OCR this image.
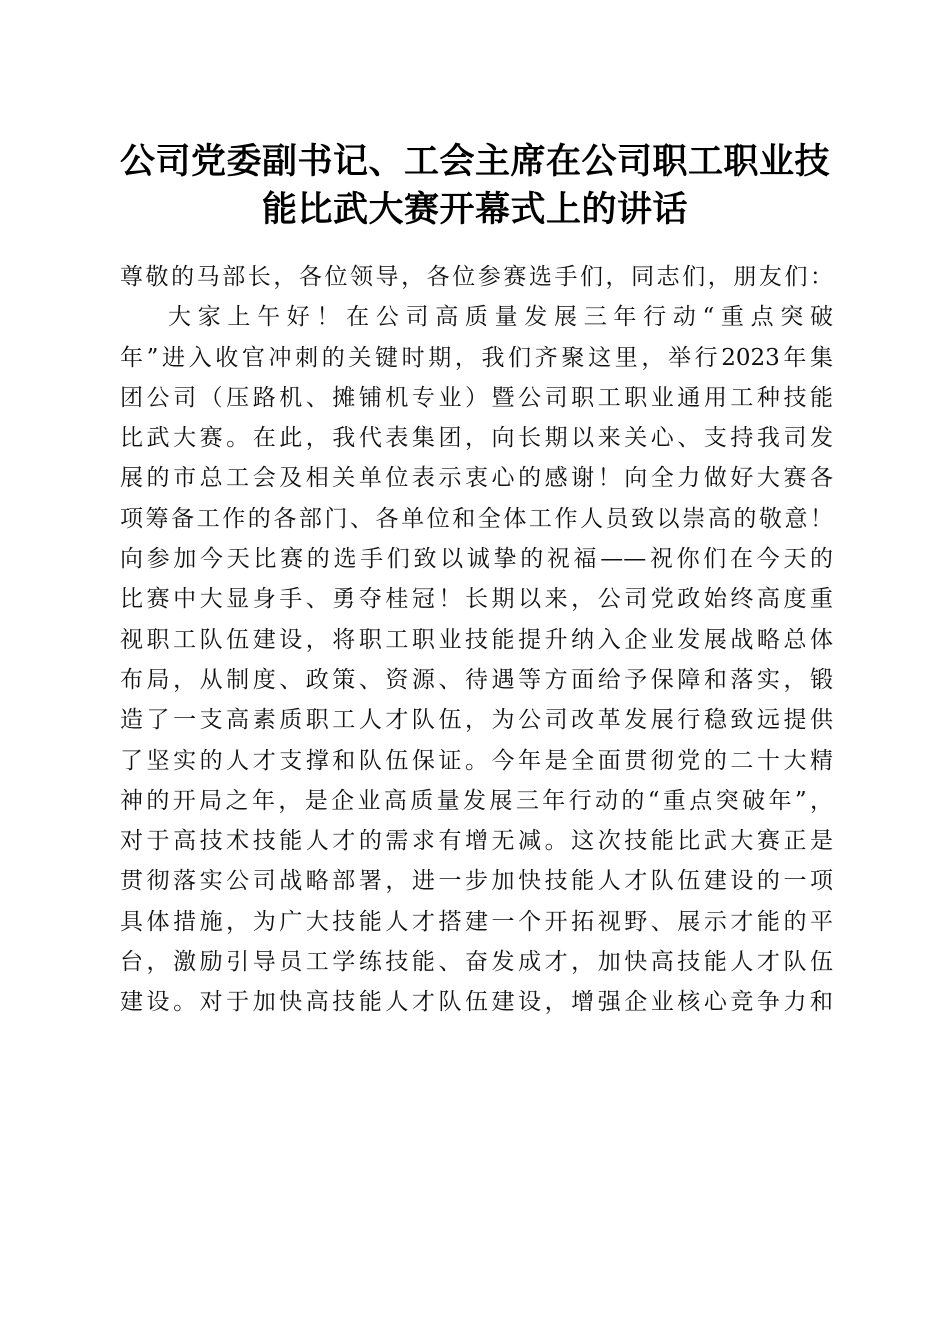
公司党委副书记、工会主席在公司职工职业技
能比武大赛开幕式上的讲话
尊敬的马部长，各位领导，各位参赛选手们，同志们，朋友们：
大家上午好！在公司高质量发展三年行动“重点突破
年”进入收官冲刺的关键时期，我们齐聚这里，举行2023年集
团公司（压路机、摊铺机专业）暨公司职工职业通用工种技能
比武大赛。在此，我代表集团，向长期以来关心、支持我司发
展的市总工会及相关单位表示衷心的感谢！向全力做好大赛各
项筹备工作的各部门、各单位和全体工作人员致以崇高的敬意！
向参加今天比赛的选手们致以诚挚的祝福——祝你们在今天的
比赛中大显身手、勇夺桂冠！长期以来，公司党政始终高度重
视职工队伍建设，将职工职业技能提升纳入企业发展战略总体
布局，从制度、政策、资源、待遇等方面给予保障和落实，锻
造了一支高素质职工人才队伍，为公司改革发展行稳致远提供
了坚实的人才支撑和队伍保证。今年是全面贯彻党的二十大精
神的开局之年，是企业高质量发展三年行动的“重点突破年”，
对于高技术技能人才的需求有增无减。这次技能比武大赛正是
贯彻落实公司战略部署，进一步加快技能人才队伍建设的一项
具体措施，为广大技能人才搭建一个开拓视野、展示才能的平
台，激励引导员工学练技能、奋发成才，加快高技能人才队伍
建设。对于加快高技能人才队伍建设，增强企业核心竞争力和
